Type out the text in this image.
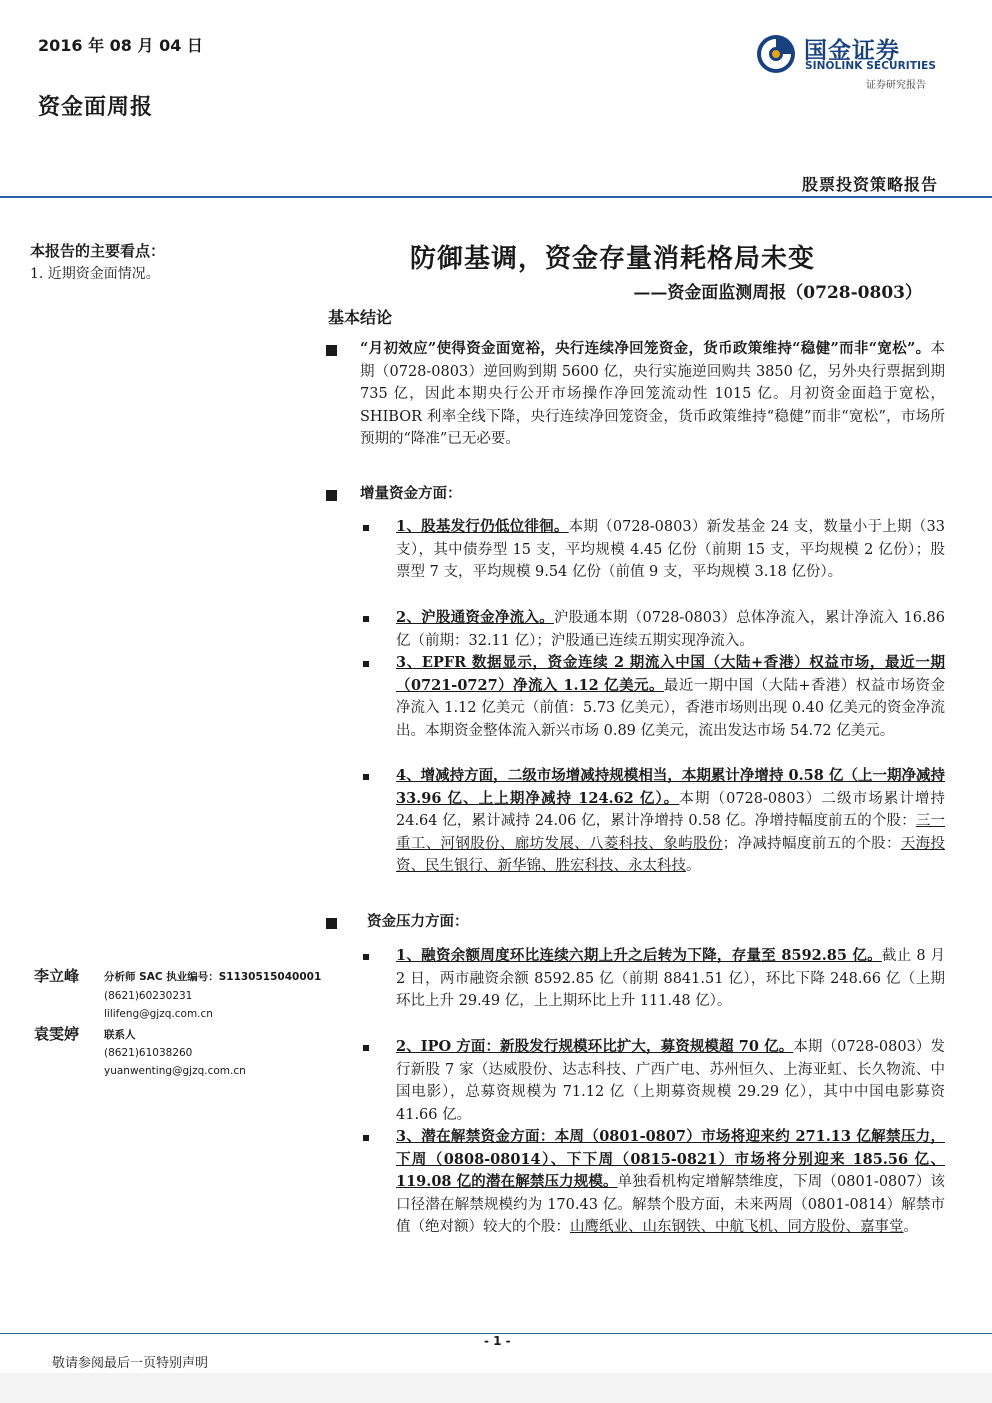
2016 年 08 月 04 日
资金面周报
国金证券
SINOLINK SECURITIES
证券研究报告
股票投资策略报告
本报告的主要看点：
1. 近期资金面情况。	防御基调，资金存量消耗格局未变
——资金面监测周报（0728-0803）
基本结论
“月初效应”使得资金面宽裕，央行连续净回笼资金，货币政策维持“稳健”而非“宽松”。本期（0728-0803）逆回购到期 5600 亿，央行实施逆回购共 3850 亿，另外央行票据到期 735 亿，因此本期央行公开市场操作净回笼流动性 1015 亿。月初资金面趋于宽松，SHIBOR 利率全线下降，央行连续净回笼资金，货币政策维持“稳健”而非“宽松”，市场所预期的“降准”已无必要。
增量资金方面：
1、股基发行仍低位徘徊。本期（0728-0803）新发基金 24 支，数量小于上期（33 支），其中债券型 15 支，平均规模 4.45 亿份（前期 15 支，平均规模 2 亿份）；股票型 7 支，平均规模 9.54 亿份（前值 9 支，平均规模 3.18 亿份）。
2、沪股通资金净流入。沪股通本期（0728-0803）总体净流入，累计净流入 16.86 亿（前期：32.11 亿）；沪股通已连续五期实现净流入。
3、EPFR 数据显示，资金连续 2 期流入中国（大陆+香港）权益市场，最近一期（0721-0727）净流入 1.12 亿美元。最近一期中国（大陆+香港）权益市场资金净流入 1.12 亿美元（前值：5.73 亿美元），香港市场则出现 0.40 亿美元的资金净流出。本期资金整体流入新兴市场 0.89 亿美元，流出发达市场 54.72 亿美元。
4、增减持方面，二级市场增减持规模相当，本期累计净增持 0.58 亿（上一期净减持 33.96 亿、上上期净减持 124.62 亿）。本期（0728-0803）二级市场累计增持 24.64 亿，累计减持 24.06 亿，累计净增持 0.58 亿。净增持幅度前五的个股：三一重工、河钢股份、廊坊发展、八菱科技、象屿股份；净减持幅度前五的个股：天海投资、民生银行、新华锦、胜宏科技、永太科技。
资金压力方面：
1、融资余额周度环比连续六期上升之后转为下降，存量至 8592.85 亿。截止 8 月 2 日，两市融资余额 8592.85 亿（前期 8841.51 亿），环比下降 248.66 亿（上期环比上升 29.49 亿，上上期环比上升 111.48 亿）。
2、IPO 方面：新股发行规模环比扩大，募资规模超 70 亿。本期（0728-0803）发行新股 7 家（达威股份、达志科技、广西广电、苏州恒久、上海亚虹、长久物流、中国电影），总募资规模为 71.12 亿（上期募资规模 29.29 亿），其中中国电影募资 41.66 亿。
3、潜在解禁资金方面：本周（0801-0807）市场将迎来约 271.13 亿解禁压力，下周（0808-08014）、下下周（0815-0821）市场将分别迎来 185.56 亿、119.08 亿的潜在解禁压力规模。单独看机构定增解禁维度，下周（0801-0807）该口径潜在解禁规模约为 170.43 亿。解禁个股方面，未来两周（0801-0814）解禁市值（绝对额）较大的个股：山鹰纸业、山东钢铁、中航飞机、同方股份、嘉事堂。
李立峰 分析师 SAC 执业编号：S1130515040001
(8621)60230231
lilifeng@gjzq.com.cn
袁雯婷 联系人
(8621)61038260
yuanwenting@gjzq.com.cn
- 1 -
敬请参阅最后一页特别声明
